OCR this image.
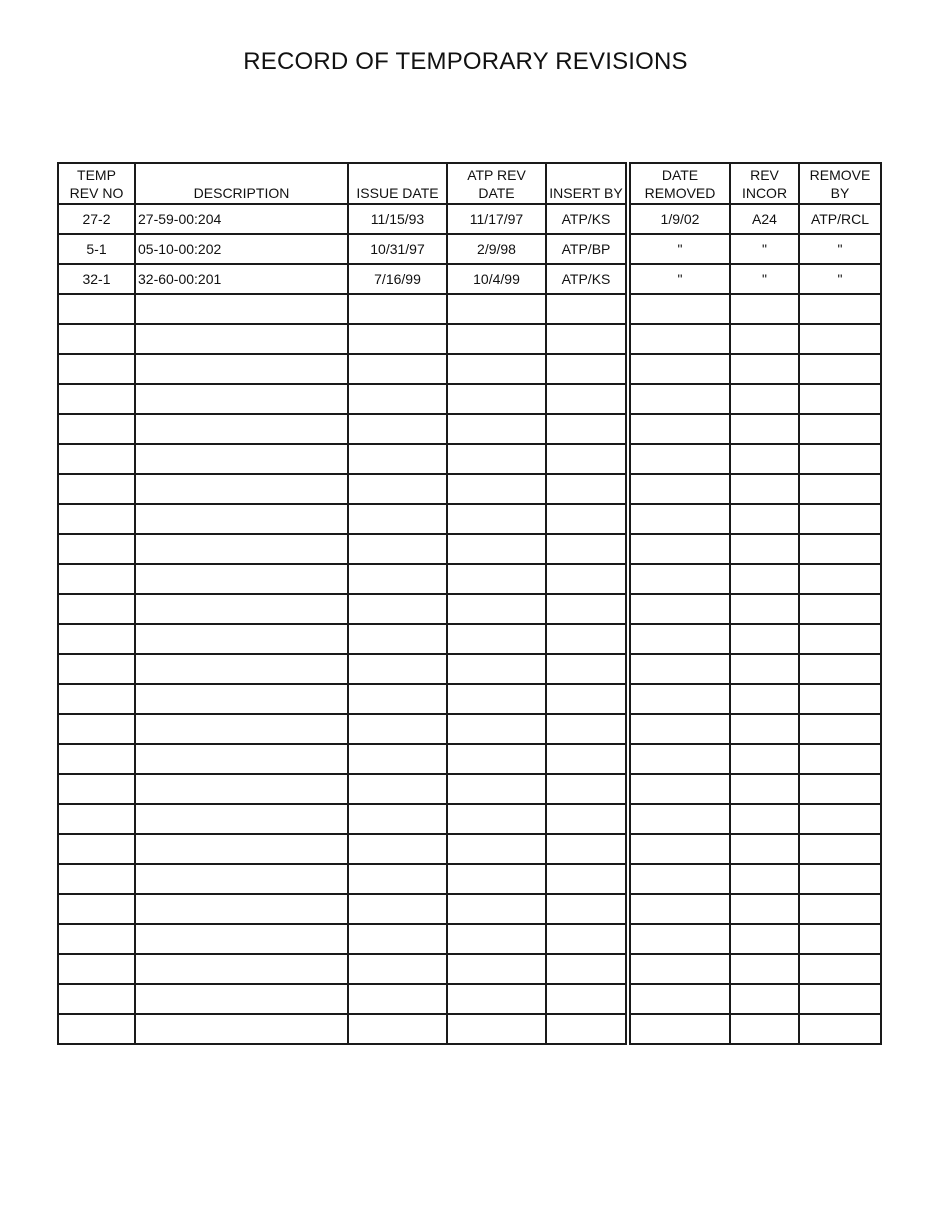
RECORD OF TEMPORARY REVISIONS
TEMP REV NO	DESCRIPTION	ISSUE DATE	ATP REV DATE	INSERT BY	DATE REMOVED	REV INCOR	REMOVE BY
27-2	27-59-00:204	11/15/93	11/17/97	ATP/KS	1/9/02	A24	ATP/RCL
5-1	05-10-00:202	10/31/97	2/9/98	ATP/BP	"	"	"
32-1	32-60-00:201	7/16/99	10/4/99	ATP/KS	"	"	"
